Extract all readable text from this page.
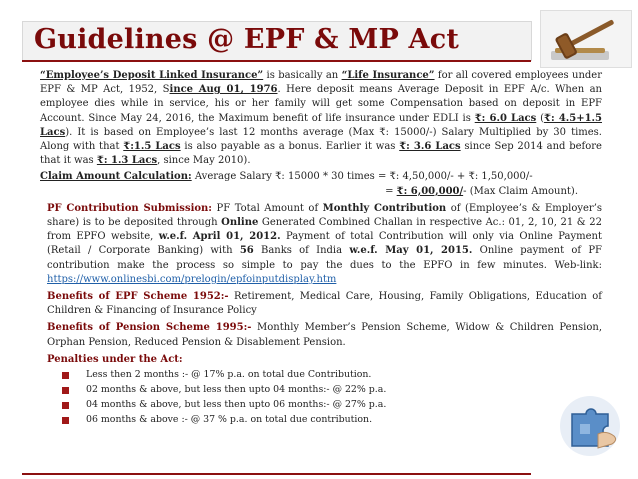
Guidelines @ EPF & MP Act

“Employee’s Deposit Linked Insurance” is basically an “Life Insurance” for all covered employees under EPF & MP Act, 1952, Since Aug 01, 1976. Here deposit means Average Deposit in EPF A/c. When an employee dies while in service, his or her family will get some Compensation based on deposit in EPF Account. Since May 24, 2016, the Maximum benefit of life insurance under EDLI is ₹: 6.0 Lacs (₹: 4.5+1.5 Lacs). It is based on Employee’s last 12 months average (Max ₹: 15000/-) Salary Multiplied by 30 times. Along with that ₹:1.5 Lacs is also payable as a bonus. Earlier it was ₹: 3.6 Lacs since Sep 2014 and before that it was ₹: 1.3 Lacs, since May 2010).

Claim Amount Calculation: Average Salary ₹: 15000 * 30 times = ₹: 4,50,000/- + ₹: 1,50,000/-

= ₹: 6,00,000/- (Max Claim Amount).

PF Contribution Submission: PF Total Amount of Monthly Contribution of (Employee’s & Employer’s share) is to be deposited through Online Generated Combined Challan in respective Ac.: 01, 2, 10, 21 & 22 from EPFO website, w.e.f. April 01, 2012. Payment of total Contribution will only via Online Payment (Retail / Corporate Banking) with 56 Banks of India w.e.f. May 01, 2015. Online payment of PF contribution make the process so simple to pay the dues to the EPFO in few minutes. Web-link: https://www.onlinesbi.com/prelogin/epfoinputdisplay.htm

Benefits of EPF Scheme 1952:- Retirement, Medical Care, Housing, Family Obligations, Education of Children & Financing of Insurance Policy

Benefits of Pension Scheme 1995:- Monthly Member’s Pension Scheme, Widow & Children Pension, Orphan Pension, Reduced Pension & Disablement Pension.

Penalties under the Act:

Less then 2 months :- @ 17% p.a. on total due Contribution.
02 months & above, but less then upto 04 months:- @ 22% p.a.
04 months & above, but less then upto 06 months:- @ 27% p.a.
06 months & above :- @ 37 % p.a. on total due contribution.
